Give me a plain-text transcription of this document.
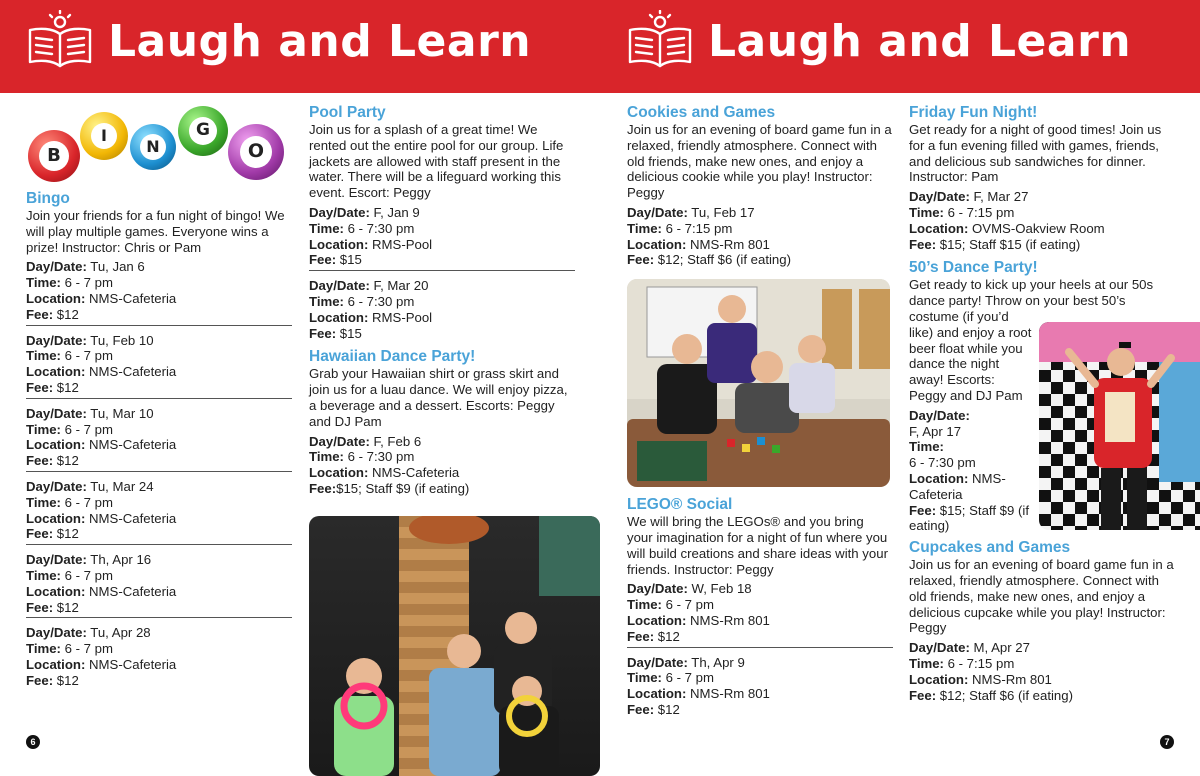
Laugh and Learn	Laugh and Learn
B
I
N
G
O
Bingo
Join your friends for a fun night of bingo! We will play multiple games. Everyone wins a prize! Instructor: Chris or Pam
Day/Date: Tu, Jan 6
Time: 6 - 7 pm
Location: NMS-Cafeteria
Fee: $12
Day/Date: Tu, Feb 10
Time: 6 - 7 pm
Location: NMS-Cafeteria
Fee: $12
Day/Date: Tu, Mar 10
Time: 6 - 7 pm
Location: NMS-Cafeteria
Fee: $12
Day/Date: Tu, Mar 24
Time: 6 - 7 pm
Location: NMS-Cafeteria
Fee: $12
Day/Date: Th, Apr 16
Time: 6 - 7 pm
Location: NMS-Cafeteria
Fee: $12
Day/Date: Tu, Apr 28
Time: 6 - 7 pm
Location: NMS-Cafeteria
Fee: $12
Pool Party
Join us for a splash of a great time! We rented out the entire pool for our group. Life jackets are allowed with staff present in the water. There will be a lifeguard working this event. Escort: Peggy
Day/Date: F, Jan 9
Time: 6 - 7:30 pm
Location: RMS-Pool
Fee: $15
Day/Date: F, Mar 20
Time: 6 - 7:30 pm
Location: RMS-Pool
Fee: $15
Hawaiian Dance Party!
Grab your Hawaiian shirt or grass skirt and join us for a luau dance. We will enjoy pizza, a beverage and a dessert. Escorts: Peggy and DJ Pam
Day/Date: F, Feb 6
Time: 6 - 7:30 pm
Location: NMS-Cafeteria
Fee:$15; Staff $9 (if eating)
6
Cookies and Games
Join us for an evening of board game fun in a relaxed, friendly atmosphere. Connect with old friends, make new ones, and enjoy a delicious cookie while you play! Instructor: Peggy
Day/Date: Tu, Feb 17
Time: 6 - 7:15 pm
Location: NMS-Rm 801
Fee: $12; Staff $6 (if eating)
LEGO® Social
We will bring the LEGOs® and you bring your imagination for a night of fun where you will build creations and share ideas with your friends. Instructor: Peggy
Day/Date: W, Feb 18
Time: 6 - 7 pm
Location: NMS-Rm 801
Fee: $12
Day/Date: Th, Apr 9
Time: 6 - 7 pm
Location: NMS-Rm 801
Fee: $12
Friday Fun Night!
Get ready for a night of good times! Join us for a fun evening filled with games, friends, and delicious sub sandwiches for dinner. Instructor: Pam
Day/Date: F, Mar 27
Time: 6 - 7:15 pm
Location: OVMS-Oakview Room
Fee: $15; Staff $15 (if eating)
50’s Dance Party!
Get ready to kick up your heels at our 50s dance party! Throw on your best 50’s
costume (if you’d like) and enjoy a root beer float while you dance the night away! Escorts: Peggy and DJ Pam
Day/Date:
F, Apr 17
Time:
6 - 7:30 pm
Location: NMS-Cafeteria
Fee: $15; Staff $9 (if eating)
Cupcakes and Games
Join us for an evening of board game fun in a relaxed, friendly atmosphere. Connect with old friends, make new ones, and enjoy a delicious cupcake while you play! Instructor: Peggy
Day/Date: M, Apr 27
Time: 6 - 7:15 pm
Location: NMS-Rm 801
Fee: $12; Staff $6 (if eating)
7
